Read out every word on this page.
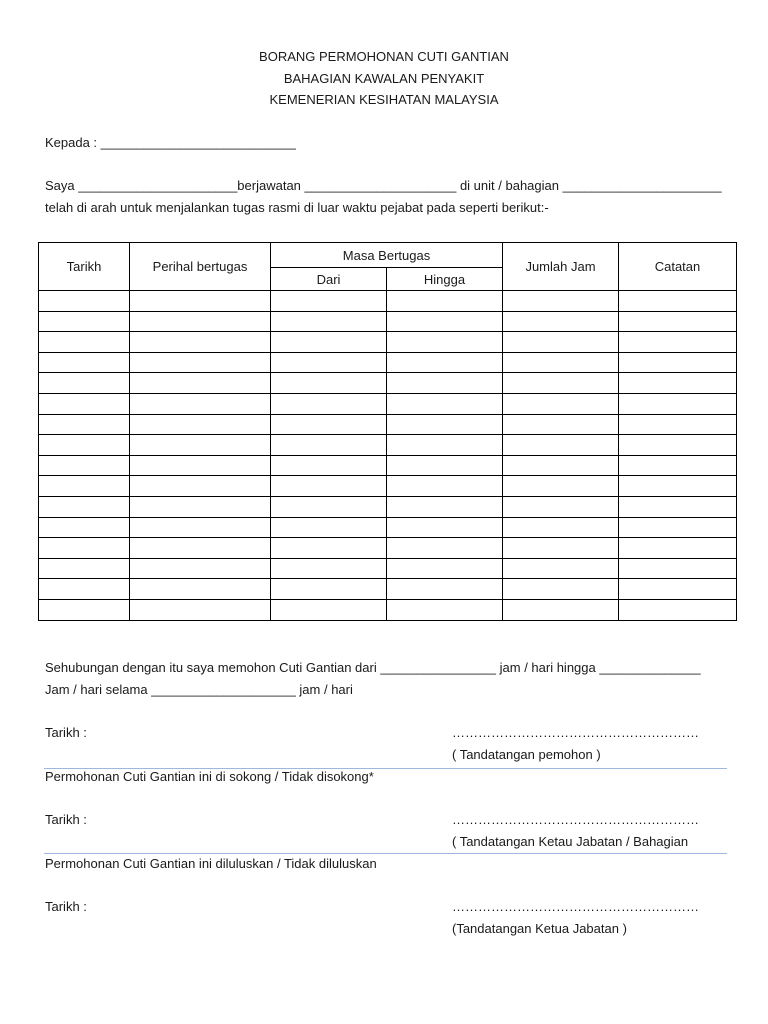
BORANG PERMOHONAN CUTI GANTIAN
BAHAGIAN KAWALAN PENYAKIT
KEMENERIAN KESIHATAN MALAYSIA
Kepada : ___________________________
Saya ______________________berjawatan _____________________ di unit / bahagian ______________________
telah di arah untuk menjalankan tugas rasmi di luar waktu pejabat pada seperti berikut:-
Tarikh	Perihal bertugas	Masa Bertugas		Jumlah Jam	Catatan
		Dari	Hingga		

Sehubungan dengan itu saya memohon Cuti Gantian dari ________________ jam / hari hingga ______________
Jam / hari selama ____________________ jam / hari
Tarikh :	…………………………………………………
( Tandatangan pemohon )
Permohonan Cuti Gantian ini di sokong / Tidak disokong*
Tarikh :	…………………………………………………
( Tandatangan Ketau Jabatan / Bahagian
Permohonan Cuti Gantian ini diluluskan / Tidak diluluskan
Tarikh :	…………………………………………………
(Tandatangan Ketua Jabatan )
